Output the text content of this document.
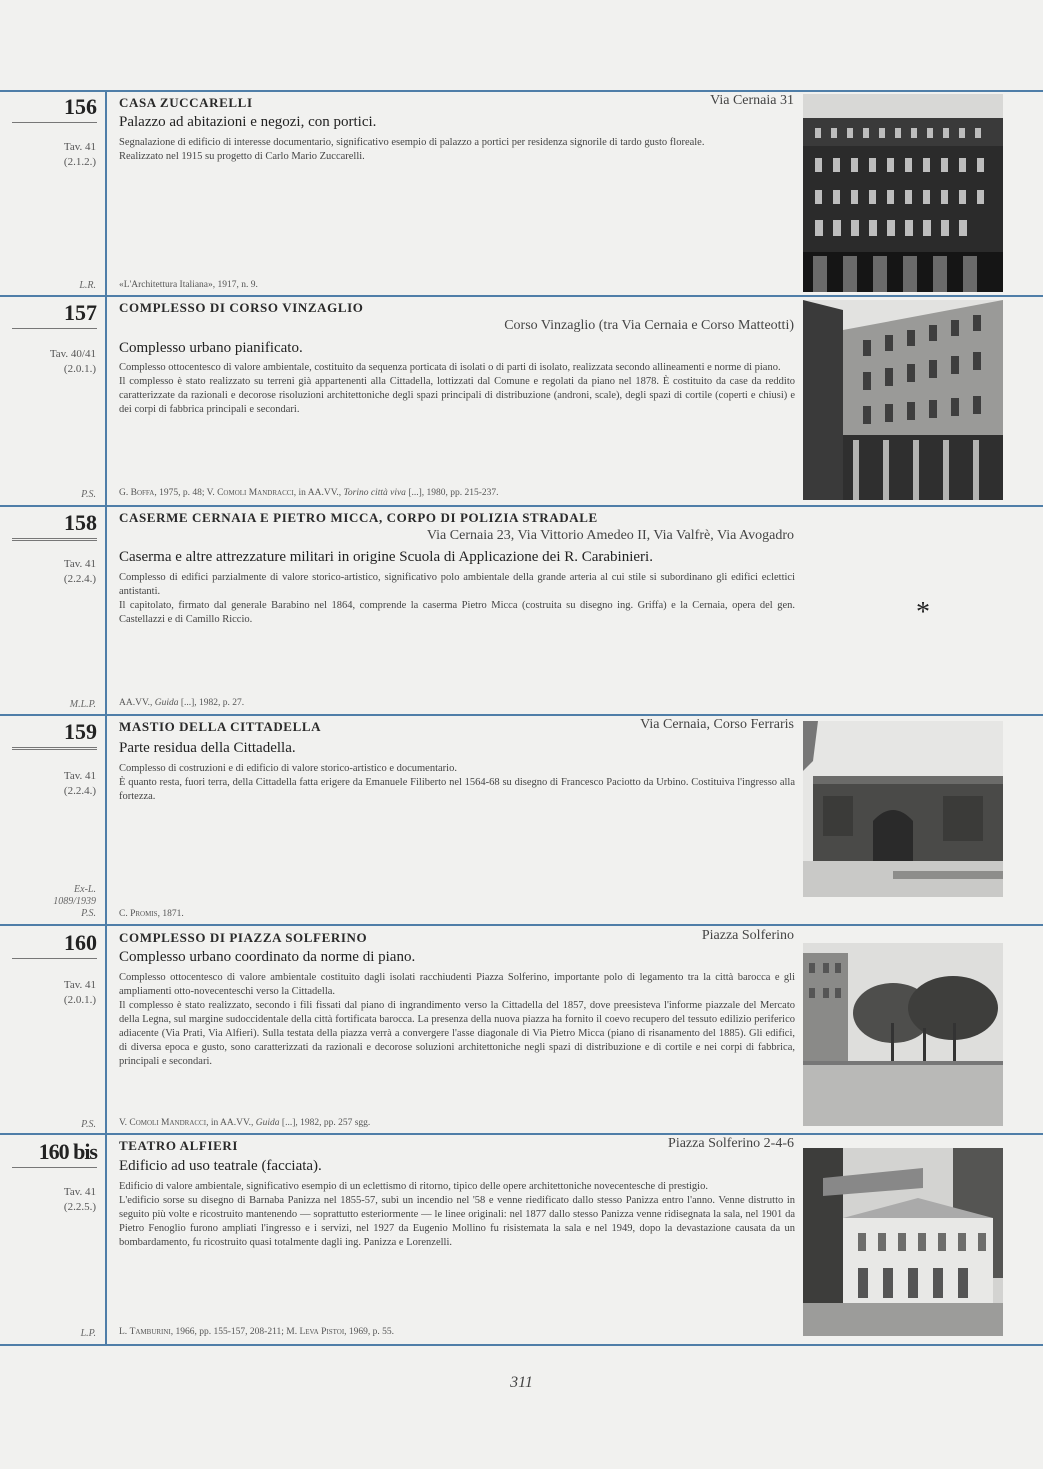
156
Tav. 41
(2.1.2.)
CASA ZUCCARELLI	Via Cernaia 31
Palazzo ad abitazioni e negozi, con portici.

Segnalazione di edificio di interesse documentario, significativo esempio di palazzo a portici per residenza signorile di tardo gusto floreale.

Realizzato nel 1915 su progetto di Carlo Mario Zuccarelli.

L.R. «L'Architettura Italiana», 1917, n. 9.
157
Tav. 40/41
(2.0.1.)
COMPLESSO DI CORSO VINZAGLIO
Corso Vinzaglio (tra Via Cernaia e Corso Matteotti)
Complesso urbano pianificato.

Complesso ottocentesco di valore ambientale, costituito da sequenza porticata di isolati o di parti di isolato, realizzata secondo allineamenti e norme di piano.

Il complesso è stato realizzato su terreni già appartenenti alla Cittadella, lottizzati dal Comune e regolati da piano nel 1878. È costituito da case da reddito caratterizzate da razionali e decorose risoluzioni architettoniche degli spazi principali di distribuzione (androni, scale), degli spazi di cortile (coperti e chiusi) e dei corpi di fabbrica principali e secondari.

P.S. G. Boffa, 1975, p. 48; V. Comoli Mandracci, in AA.VV., Torino città viva [...], 1980, pp. 215-237.
158
Tav. 41
(2.2.4.)
CASERME CERNAIA E PIETRO MICCA, CORPO DI POLIZIA STRADALE
Via Cernaia 23, Via Vittorio Amedeo II, Via Valfrè, Via Avogadro
Caserma e altre attrezzature militari in origine Scuola di Applicazione dei R. Carabinieri.

Complesso di edifici parzialmente di valore storico-artistico, significativo polo ambientale della grande arteria al cui stile si subordinano gli edifici eclettici antistanti.

Il capitolato, firmato dal generale Barabino nel 1864, comprende la caserma Pietro Micca (costruita su disegno ing. Griffa) e la Cernaia, opera del gen. Castellazzi e di Camillo Riccio.	*
M.L.P. AA.VV., Guida [...], 1982, p. 27.
159
Tav. 41
(2.2.4.)
MASTIO DELLA CITTADELLA	Via Cernaia, Corso Ferraris
Parte residua della Cittadella.

Complesso di costruzioni e di edificio di valore storico-artistico e documentario.

È quanto resta, fuori terra, della Cittadella fatta erigere da Emanuele Filiberto nel 1564-68 su disegno di Francesco Paciotto da Urbino. Costituiva l'ingresso alla fortezza.

Ex-L.
1089/1939
P.S. C. Promis, 1871.
160
Tav. 41
(2.0.1.)
COMPLESSO DI PIAZZA SOLFERINO	Piazza Solferino
Complesso urbano coordinato da norme di piano.

Complesso ottocentesco di valore ambientale costituito dagli isolati racchiudenti Piazza Solferino, importante polo di legamento tra la città barocca e gli ampliamenti otto-novecenteschi verso la Cittadella.

Il complesso è stato realizzato, secondo i fili fissati dal piano di ingrandimento verso la Cittadella del 1857, dove preesisteva l'informe piazzale del Mercato della Legna, sul margine sudoccidentale della città fortificata barocca. La presenza della nuova piazza ha fornito il coevo recupero del tessuto edilizio periferico adiacente (Via Prati, Via Alfieri). Sulla testata della piazza verrà a convergere l'asse diagonale di Via Pietro Micca (piano di risanamento del 1885). Gli edifici, di diversa epoca e gusto, sono caratterizzati da razionali e decorose soluzioni architettoniche negli spazi di distribuzione e di cortile e nei corpi di fabbrica, principali e secondari.

P.S. V. Comoli Mandracci, in AA.VV., Guida [...], 1982, pp. 257 sgg.
160 bis
Tav. 41
(2.2.5.)
TEATRO ALFIERI	Piazza Solferino 2-4-6
Edificio ad uso teatrale (facciata).

Edificio di valore ambientale, significativo esempio di un eclettismo di ritorno, tipico delle opere architettoniche novecentesche di prestigio.

L'edificio sorse su disegno di Barnaba Panizza nel 1855-57, subì un incendio nel '58 e venne riedificato dallo stesso Panizza entro l'anno. Venne distrutto in seguito più volte e ricostruito mantenendo — soprattutto esteriormente — le linee originali: nel 1877 dallo stesso Panizza venne ridisegnata la sala, nel 1901 da Pietro Fenoglio furono ampliati l'ingresso e i servizi, nel 1927 da Eugenio Mollino fu risistemata la sala e nel 1949, dopo la devastazione causata da un bombardamento, fu ricostruito quasi totalmente dagli ing. Panizza e Lorenzelli.

L.P. L. Tamburini, 1966, pp. 155-157, 208-211; M. Leva Pistoi, 1969, p. 55.
311
